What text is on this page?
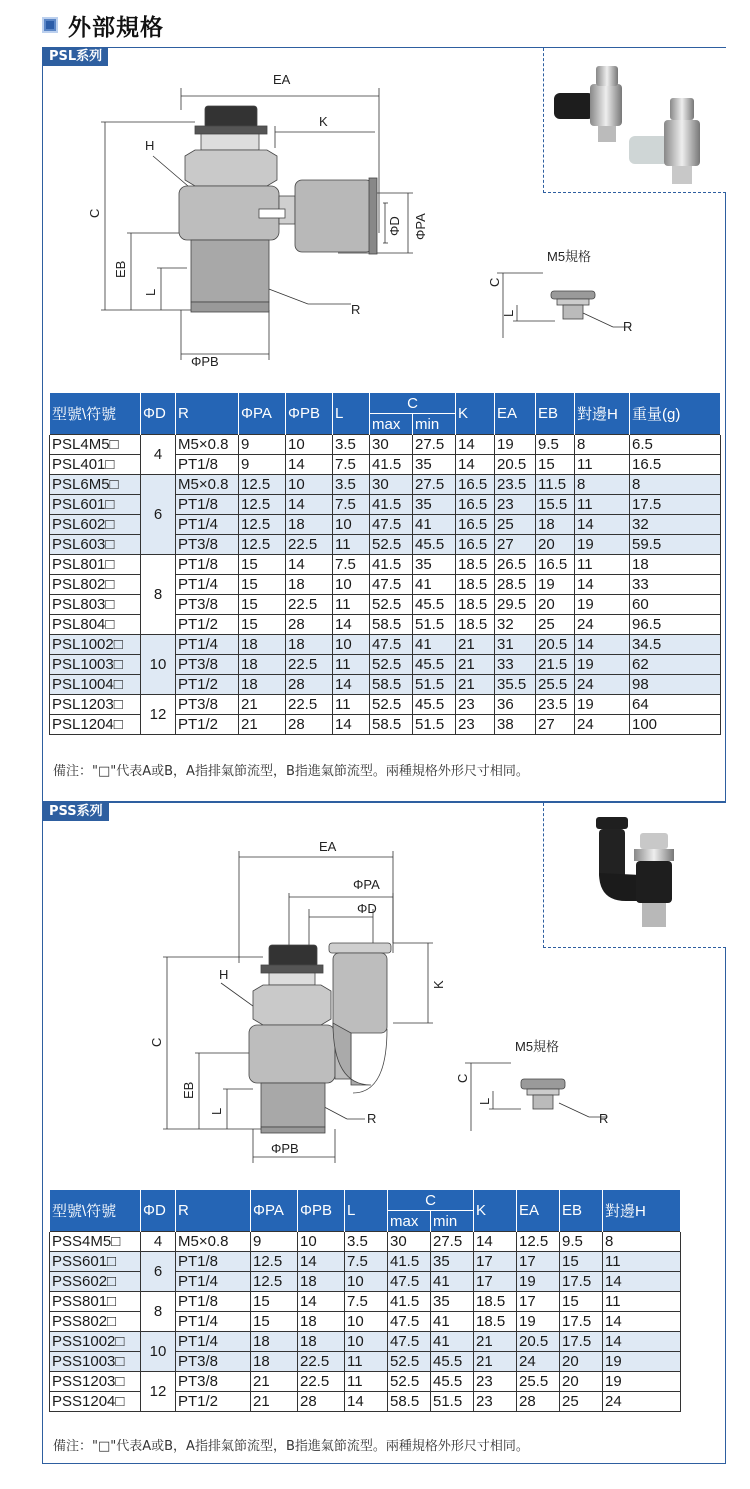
外部規格
PSL系列
EA
K
H
R
ΦPB
C
EB
L
ΦD ΦPA
M5規格
C
L
R
型號\符號	ΦD	R	ΦPA	ΦPB	L	C		K	EA	EB	對邊H	重量(g)
						max	min					
PSL4M5□	4	M5×0.8	9	10	3.5	30	27.5	14	19	9.5	8	6.5
PSL401□		PT1/8	9	14	7.5	41.5	35	14	20.5	15	11	16.5
PSL6M5□	6	M5×0.8	12.5	10	3.5	30	27.5	16.5	23.5	11.5	8	8
PSL601□		PT1/8	12.5	14	7.5	41.5	35	16.5	23	15.5	11	17.5
PSL602□		PT1/4	12.5	18	10	47.5	41	16.5	25	18	14	32
PSL603□		PT3/8	12.5	22.5	11	52.5	45.5	16.5	27	20	19	59.5
PSL801□	8	PT1/8	15	14	7.5	41.5	35	18.5	26.5	16.5	11	18
PSL802□		PT1/4	15	18	10	47.5	41	18.5	28.5	19	14	33
PSL803□		PT3/8	15	22.5	11	52.5	45.5	18.5	29.5	20	19	60
PSL804□		PT1/2	15	28	14	58.5	51.5	18.5	32	25	24	96.5
PSL1002□	10	PT1/4	18	18	10	47.5	41	21	31	20.5	14	34.5
PSL1003□		PT3/8	18	22.5	11	52.5	45.5	21	33	21.5	19	62
PSL1004□		PT1/2	18	28	14	58.5	51.5	21	35.5	25.5	24	98
PSL1203□	12	PT3/8	21	22.5	11	52.5	45.5	23	36	23.5	19	64
PSL1204□		PT1/2	21	28	14	58.5	51.5	23	38	27	24	100
備注："□"代表A或B，A指排氣節流型，B指進氣節流型。兩種規格外形尺寸相同。
PSS系列
EA
ΦPA
ΦD
H
R
ΦPB
K
C
EB
L
M5規格
C
L
R
型號\符號	ΦD	R	ΦPA	ΦPB	L	C		K	EA	EB	對邊H
						max	min				
PSS4M5□	4	M5×0.8	9	10	3.5	30	27.5	14	12.5	9.5	8
PSS601□	6	PT1/8	12.5	14	7.5	41.5	35	17	17	15	11
PSS602□		PT1/4	12.5	18	10	47.5	41	17	19	17.5	14
PSS801□	8	PT1/8	15	14	7.5	41.5	35	18.5	17	15	11
PSS802□		PT1/4	15	18	10	47.5	41	18.5	19	17.5	14
PSS1002□	10	PT1/4	18	18	10	47.5	41	21	20.5	17.5	14
PSS1003□		PT3/8	18	22.5	11	52.5	45.5	21	24	20	19
PSS1203□	12	PT3/8	21	22.5	11	52.5	45.5	23	25.5	20	19
PSS1204□		PT1/2	21	28	14	58.5	51.5	23	28	25	24
備注："□"代表A或B，A指排氣節流型，B指進氣節流型。兩種規格外形尺寸相同。
